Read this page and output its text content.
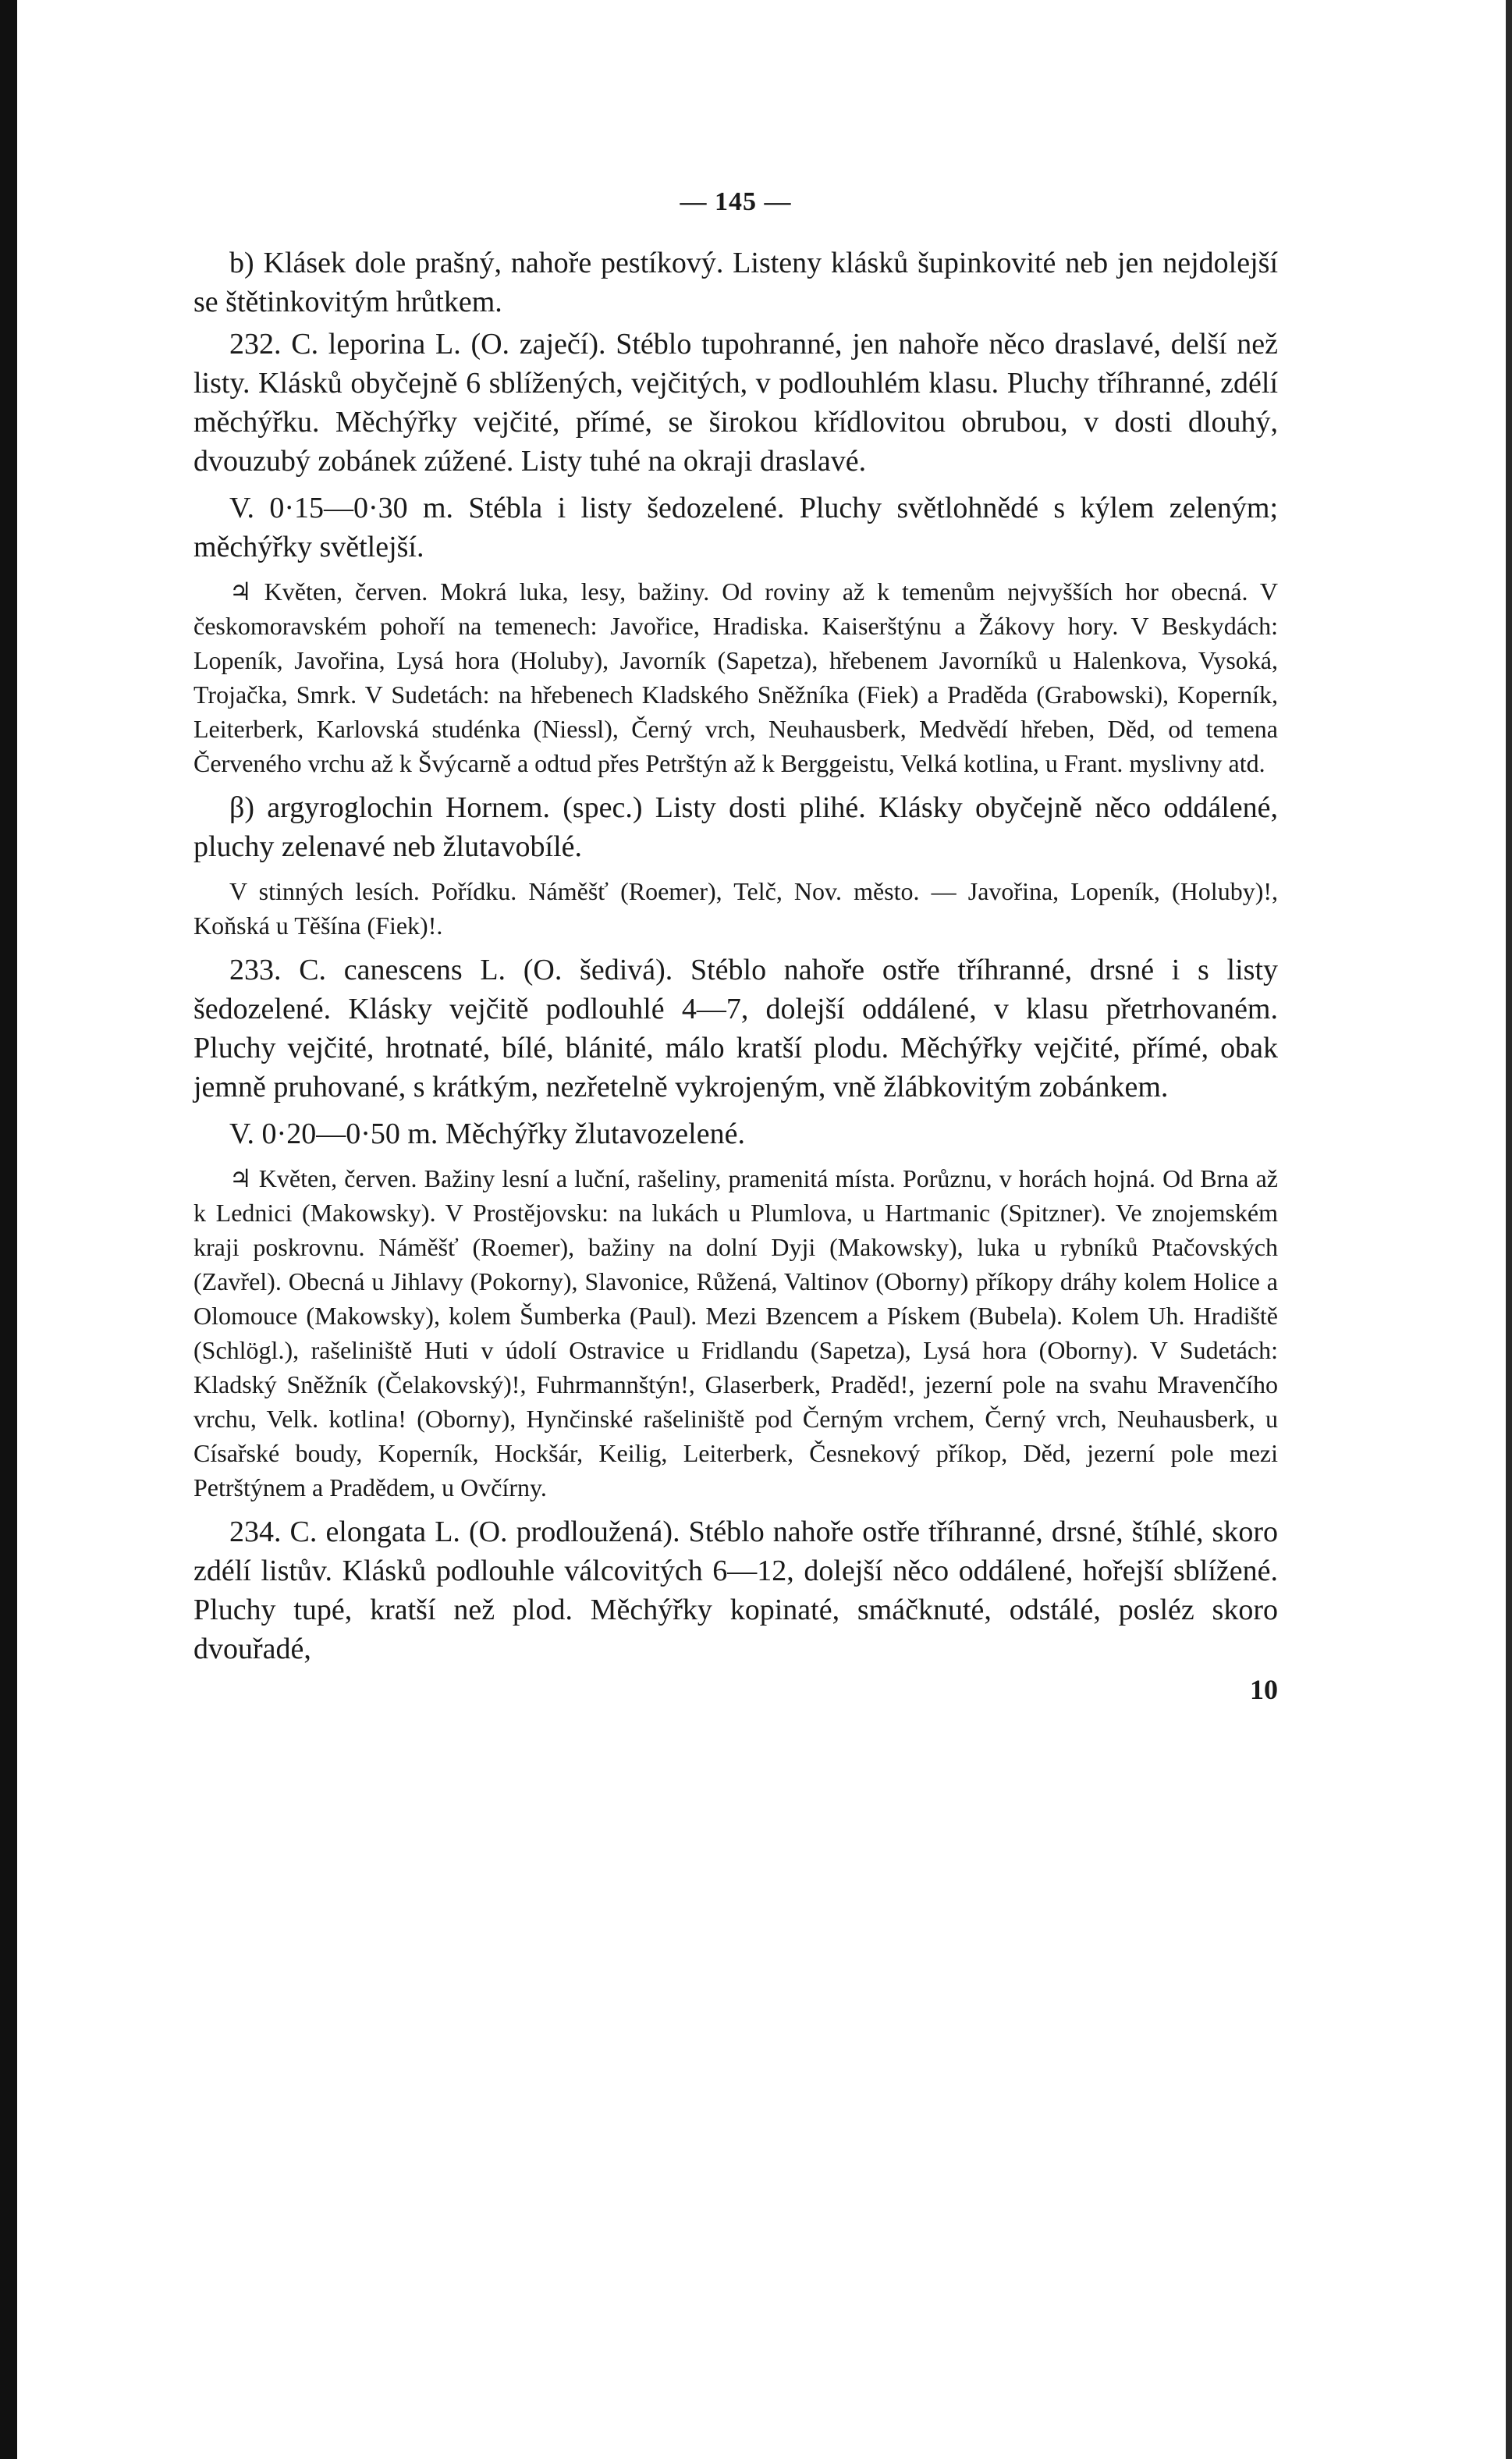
— 145 —

b) Klásek dole prašný, nahoře pestíkový. Listeny klásků šupinkovité neb jen nejdolejší se štětinkovitým hrůtkem.

232. C. leporina L. (O. zaječí). Stéblo tupohranné, jen nahoře něco draslavé, delší než listy. Klásků obyčejně 6 sblížených, vejčitých, v podlouhlém klasu. Pluchy tříhranné, zdélí měchýřku. Měchýřky vejčité, přímé, se širokou křídlovitou obrubou, v dosti dlouhý, dvouzubý zobánek zúžené. Listy tuhé na okraji draslavé.

V. 0·15—0·30 m. Stébla i listy šedozelené. Pluchy světlohnědé s kýlem zeleným; měchýřky světlejší.

♃ Květen, červen. Mokrá luka, lesy, bažiny. Od roviny až k temenům nejvyšších hor obecná. V českomoravském pohoří na temenech: Javořice, Hradiska. Kaiserštýnu a Žákovy hory. V Beskydách: Lopeník, Javořina, Lysá hora (Holuby), Javorník (Sapetza), hřebenem Javorníků u Halenkova, Vysoká, Trojačka, Smrk. V Sudetách: na hřebenech Kladského Sněžníka (Fiek) a Praděda (Grabowski), Koperník, Leiterberk, Karlovská studénka (Niessl), Černý vrch, Neuhausberk, Medvědí hřeben, Děd, od temena Červeného vrchu až k Švýcarně a odtud přes Petrštýn až k Berggeistu, Velká kotlina, u Frant. myslivny atd.

β) argyroglochin Hornem. (spec.) Listy dosti plihé. Klásky obyčejně něco oddálené, pluchy zelenavé neb žlutavobílé.

V stinných lesích. Pořídku. Náměšť (Roemer), Telč, Nov. město. — Javořina, Lopeník, (Holuby)!, Koňská u Těšína (Fiek)!.

233. C. canescens L. (O. šedivá). Stéblo nahoře ostře tříhranné, drsné i s listy šedozelené. Klásky vejčitě podlouhlé 4—7, dolejší oddálené, v klasu přetrhovaném. Pluchy vejčité, hrotnaté, bílé, blánité, málo kratší plodu. Měchýřky vejčité, přímé, obak jemně pruhované, s krátkým, nezřetelně vykrojeným, vně žlábkovitým zobánkem.

V. 0·20—0·50 m. Měchýřky žlutavozelené.

♃ Květen, červen. Bažiny lesní a luční, rašeliny, pramenitá místa. Porůznu, v horách hojná. Od Brna až k Lednici (Makowsky). V Prostějovsku: na lukách u Plumlova, u Hartmanic (Spitzner). Ve znojemském kraji poskrovnu. Náměšť (Roemer), bažiny na dolní Dyji (Makowsky), luka u rybníků Ptačovských (Zavřel). Obecná u Jihlavy (Pokorny), Slavonice, Růžená, Valtinov (Oborny) příkopy dráhy kolem Holice a Olomouce (Makowsky), kolem Šumberka (Paul). Mezi Bzencem a Pískem (Bubela). Kolem Uh. Hradiště (Schlögl.), rašeliniště Huti v údolí Ostravice u Fridlandu (Sapetza), Lysá hora (Oborny). V Sudetách: Kladský Sněžník (Čelakovský)!, Fuhrmannštýn!, Glaserberk, Praděd!, jezerní pole na svahu Mravenčího vrchu, Velk. kotlina! (Oborny), Hynčinské rašeliniště pod Černým vrchem, Černý vrch, Neuhausberk, u Císařské boudy, Koperník, Hockšár, Keilig, Leiterberk, Česnekový příkop, Děd, jezerní pole mezi Petrštýnem a Pradědem, u Ovčírny.

234. C. elongata L. (O. prodloužená). Stéblo nahoře ostře tříhranné, drsné, štíhlé, skoro zdélí listův. Klásků podlouhle válcovitých 6—12, dolejší něco oddálené, hořejší sblížené. Pluchy tupé, kratší než plod. Měchýřky kopinaté, smáčknuté, odstálé, posléz skoro dvouřadé,

10
